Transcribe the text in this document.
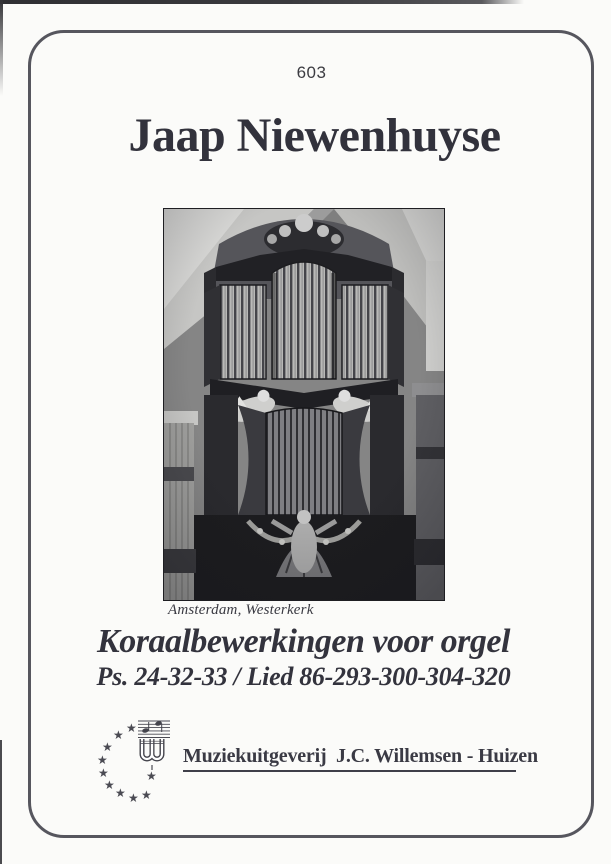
603
Jaap Niewenhuyse
Amsterdam, Westerkerk
Koraalbewerkingen voor orgel
Ps. 24-32-33 / Lied 86-293-300-304-320
★
★
★
★
★
★
★ ★ ★
★
Muziekuitgeverij  J.C. Willemsen - Huizen
